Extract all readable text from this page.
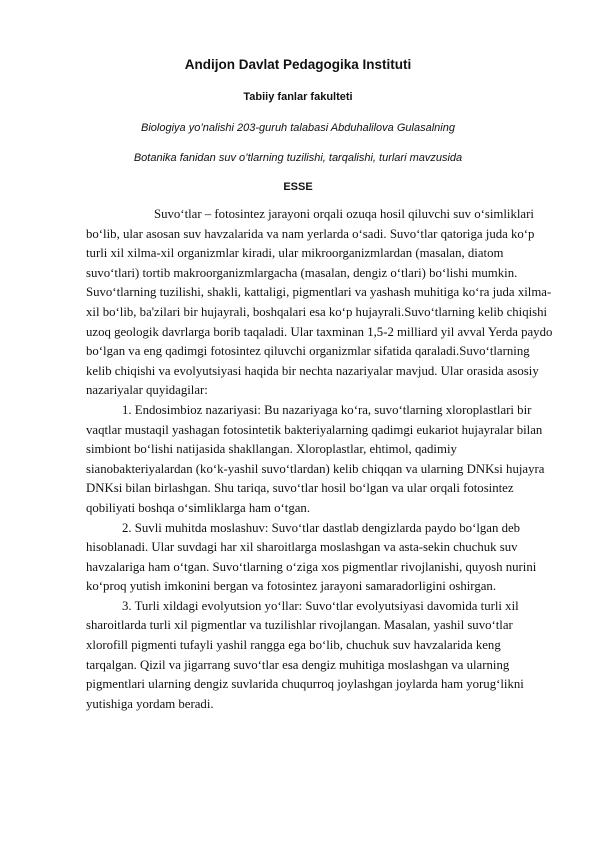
Andijon Davlat Pedagogika Instituti
Tabiiy fanlar fakulteti
Biologiya yo’nalishi 203-guruh talabasi Abduhalilova Gulasalning
Botanika fanidan suv o’tlarning tuzilishi, tarqalishi, turlari mavzusida
ESSE

Suvo‘tlar – fotosintez jarayoni orqali ozuqa hosil qiluvchi suv o‘simliklari bo‘lib, ular asosan suv havzalarida va nam yerlarda o‘sadi. Suvo‘tlar qatoriga juda ko‘p turli xil xilma-xil organizmlar kiradi, ular mikroorganizmlardan (masalan, diatom suvo‘tlari) tortib makroorganizmlargacha (masalan, dengiz o‘tlari) bo‘lishi mumkin. Suvo‘tlarning tuzilishi, shakli, kattaligi, pigmentlari va yashash muhitiga ko‘ra juda xilma-xil bo‘lib, ba'zilari bir hujayrali, boshqalari esa ko‘p hujayrali.Suvo‘tlarning kelib chiqishi uzoq geologik davrlarga borib taqaladi. Ular taxminan 1,5-2 milliard yil avval Yerda paydo bo‘lgan va eng qadimgi fotosintez qiluvchi organizmlar sifatida qaraladi.Suvo‘tlarning kelib chiqishi va evolyutsiyasi haqida bir nechta nazariyalar mavjud. Ular orasida asosiy nazariyalar quyidagilar:

1. Endosimbioz nazariyasi: Bu nazariyaga ko‘ra, suvo‘tlarning xloroplastlari bir vaqtlar mustaqil yashagan fotosintetik bakteriyalarning qadimgi eukariot hujayralar bilan simbiont bo‘lishi natijasida shakllangan. Xloroplastlar, ehtimol, qadimiy sianobakteriyalardan (ko‘k-yashil suvo‘tlardan) kelib chiqqan va ularning DNKsi hujayra DNKsi bilan birlashgan. Shu tariqa, suvo‘tlar hosil bo‘lgan va ular orqali fotosintez qobiliyati boshqa o‘simliklarga ham o‘tgan.

2. Suvli muhitda moslashuv: Suvo‘tlar dastlab dengizlarda paydo bo‘lgan deb hisoblanadi. Ular suvdagi har xil sharoitlarga moslashgan va asta-sekin chuchuk suv havzalariga ham o‘tgan. Suvo‘tlarning o‘ziga xos pigmentlar rivojlanishi, quyosh nurini ko‘proq yutish imkonini bergan va fotosintez jarayoni samaradorligini oshirgan.

3. Turli xildagi evolyutsion yo‘llar: Suvo‘tlar evolyutsiyasi davomida turli xil sharoitlarda turli xil pigmentlar va tuzilishlar rivojlangan. Masalan, yashil suvo‘tlar xlorofill pigmenti tufayli yashil rangga ega bo‘lib, chuchuk suv havzalarida keng tarqalgan. Qizil va jigarrang suvo‘tlar esa dengiz muhitiga moslashgan va ularning pigmentlari ularning dengiz suvlarida chuqurroq joylashgan joylarda ham yorug‘likni yutishiga yordam beradi.
